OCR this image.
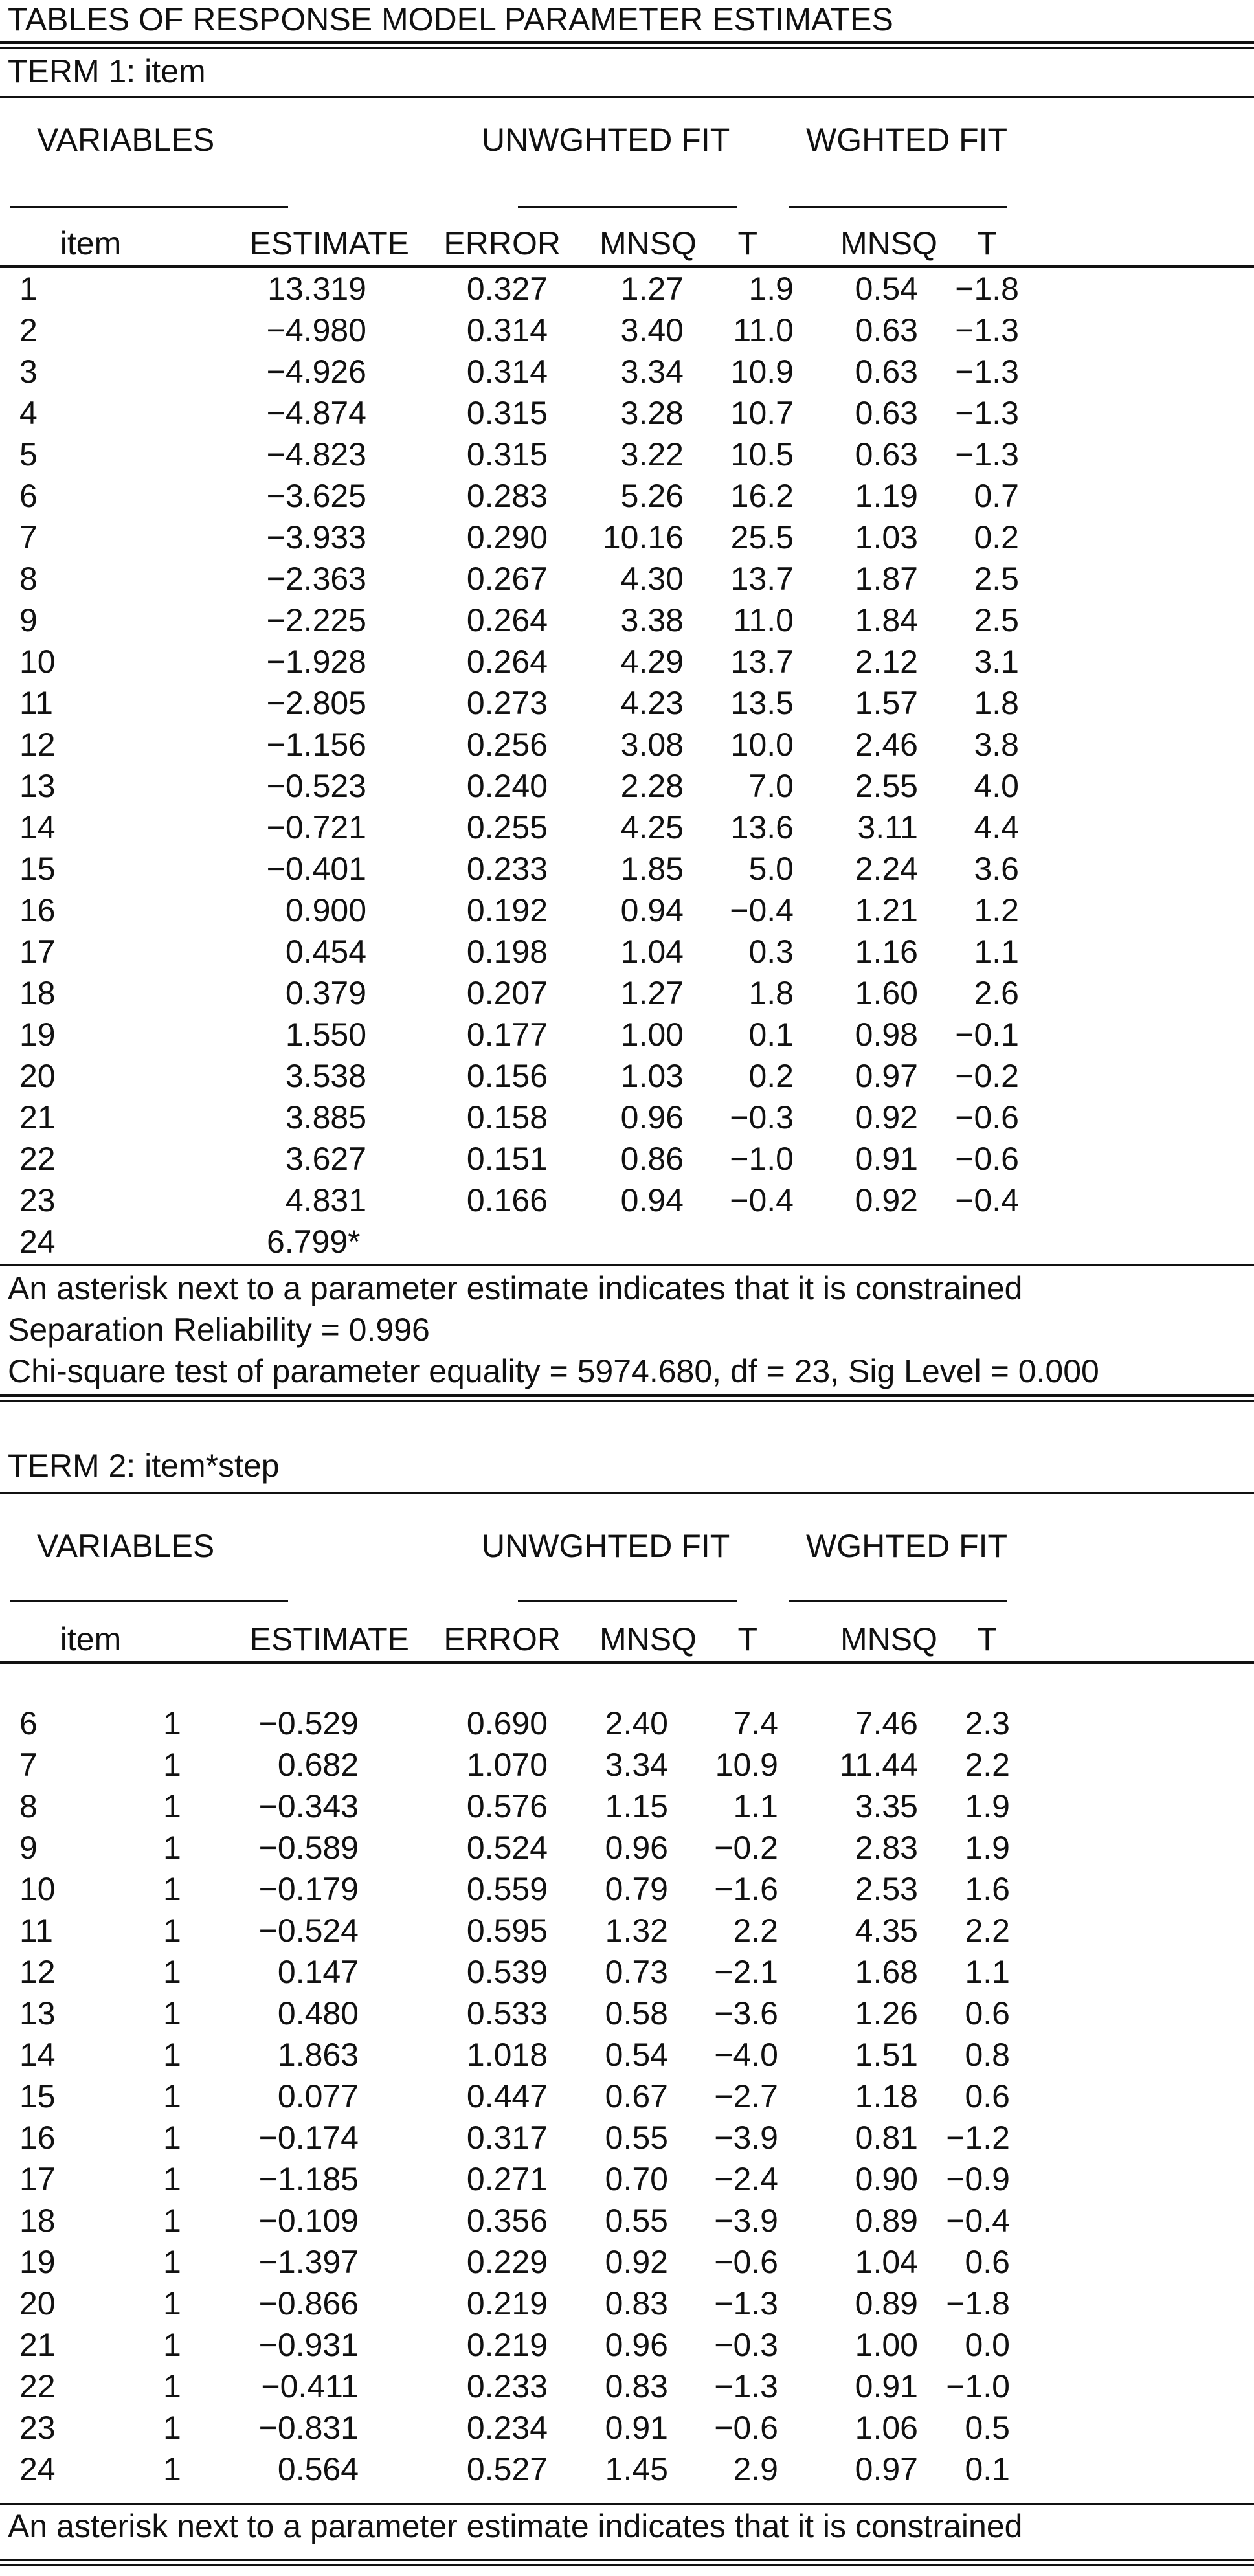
TABLES OF RESPONSE MODEL PARAMETER ESTIMATES
TERM 1: item
VARIABLES	UNWGHTED FIT WGHTED FIT
item	ESTIMATE	ERROR	MNSQ	T	MNSQ	T
1	13.319	0.327	1.27	1.9	0.54	−1.8
2	−4.980	0.314	3.40	11.0	0.63	−1.3
3	−4.926	0.314	3.34	10.9	0.63	−1.3
4	−4.874	0.315	3.28	10.7	0.63	−1.3
5	−4.823	0.315	3.22	10.5	0.63	−1.3
6	−3.625	0.283	5.26	16.2	1.19	0.7
7	−3.933	0.290	10.16	25.5	1.03	0.2
8	−2.363	0.267	4.30	13.7	1.87	2.5
9	−2.225	0.264	3.38	11.0	1.84	2.5
10	−1.928	0.264	4.29	13.7	2.12	3.1
11	−2.805	0.273	4.23	13.5	1.57	1.8
12	−1.156	0.256	3.08	10.0	2.46	3.8
13	−0.523	0.240	2.28	7.0	2.55	4.0
14	−0.721	0.255	4.25	13.6	3.11	4.4
15	−0.401	0.233	1.85	5.0	2.24	3.6
16	0.900	0.192	0.94	−0.4	1.21	1.2
17	0.454	0.198	1.04	0.3	1.16	1.1
18	0.379	0.207	1.27	1.8	1.60	2.6
19	1.550	0.177	1.00	0.1	0.98	−0.1
20	3.538	0.156	1.03	0.2	0.97	−0.2
21	3.885	0.158	0.96	−0.3	0.92	−0.6
22	3.627	0.151	0.86	−1.0	0.91	−0.6
23	4.831	0.166	0.94	−0.4	0.92	−0.4
24	6.799*
An asterisk next to a parameter estimate indicates that it is constrained
Separation Reliability = 0.996
Chi-square test of parameter equality = 5974.680, df = 23, Sig Level = 0.000
TERM 2: item*step
VARIABLES	UNWGHTED FIT WGHTED FIT
item	ESTIMATE	ERROR	MNSQ	T	MNSQ	T
6	1	−0.529	0.690	2.40	7.4	7.46	2.3
7	1	0.682	1.070	3.34	10.9	11.44	2.2
8	1	−0.343	0.576	1.15	1.1	3.35	1.9
9	1	−0.589	0.524	0.96	−0.2	2.83	1.9
10	1	−0.179	0.559	0.79	−1.6	2.53	1.6
11	1	−0.524	0.595	1.32	2.2	4.35	2.2
12	1	0.147	0.539	0.73	−2.1	1.68	1.1
13	1	0.480	0.533	0.58	−3.6	1.26	0.6
14	1	1.863	1.018	0.54	−4.0	1.51	0.8
15	1	0.077	0.447	0.67	−2.7	1.18	0.6
16	1	−0.174	0.317	0.55	−3.9	0.81 −1.2
17	1	−1.185	0.271	0.70	−2.4	0.90 −0.9
18	1	−0.109	0.356	0.55	−3.9	0.89 −0.4
19	1	−1.397	0.229	0.92	−0.6	1.04	0.6
20	1	−0.866	0.219	0.83	−1.3	0.89 −1.8
21	1	−0.931	0.219	0.96	−0.3	1.00	0.0
22	1	−0.411	0.233	0.83	−1.3	0.91 −1.0
23	1	−0.831	0.234	0.91	−0.6	1.06	0.5
24	1	0.564	0.527	1.45	2.9	0.97	0.1
An asterisk next to a parameter estimate indicates that it is constrained
